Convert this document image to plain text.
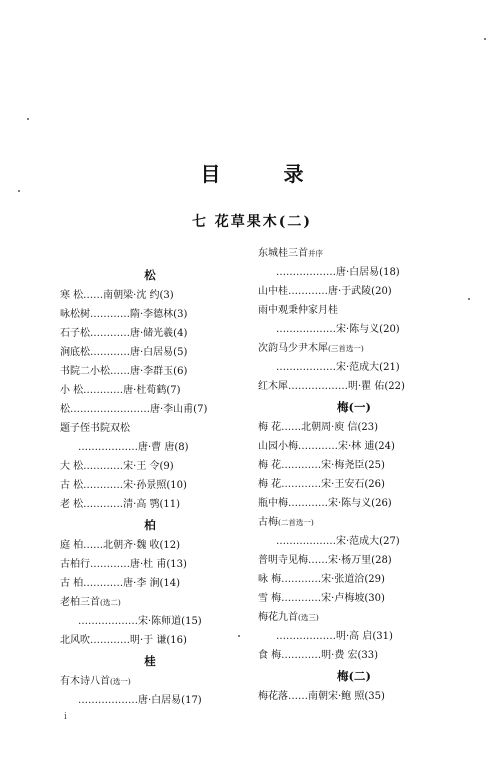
目 录
七 花草果木(二)
松
寒 松……南朝梁·沈 约(3)
咏松树…………隋·李德林(3)
石子松…………唐·储光羲(4)
涧底松…………唐·白居易(5)
书院二小松……唐·李群玉(6)
小 松…………唐·杜荀鹤(7)
松……………………唐·李山甫(7)
题子侄书院双松
………………唐·曹 唐(8)
大 松…………宋·王 令(9)
古 松…………宋·孙景照(10)
老 松…………清·高 鹗(11)
柏
庭 柏……北朝齐·魏 收(12)
古柏行…………唐·杜 甫(13)
古 柏…………唐·李 涧(14)
老柏三首(选二)
………………宋·陈师道(15)
北风吹…………明·于 谦(16)
桂
有木诗八首(选一)
………………唐·白居易(17)
东城桂三首并序
………………唐·白居易(18)
山中桂…………唐·于武陵(20)
雨中观秉仲家月桂
………………宋·陈与义(20)
次韵马少尹木犀(三首选一)
………………宋·范成大(21)
红木犀………………明·瞿 佑(22)
梅(一)
梅 花……北朝周·庾 信(23)
山园小梅…………宋·林 逋(24)
梅 花…………宋·梅尧臣(25)
梅 花…………宋·王安石(26)
瓶中梅…………宋·陈与义(26)
古梅(二首选一)
………………宋·范成大(27)
普明寺见梅……宋·杨万里(28)
咏 梅…………宋·张道洽(29)
雪 梅…………宋·卢梅坡(30)
梅花九首(选三)
………………明·高 启(31)
食 梅…………明·费 宏(33)
梅(二)
梅花落……南朝宋·鲍 照(35)
i
